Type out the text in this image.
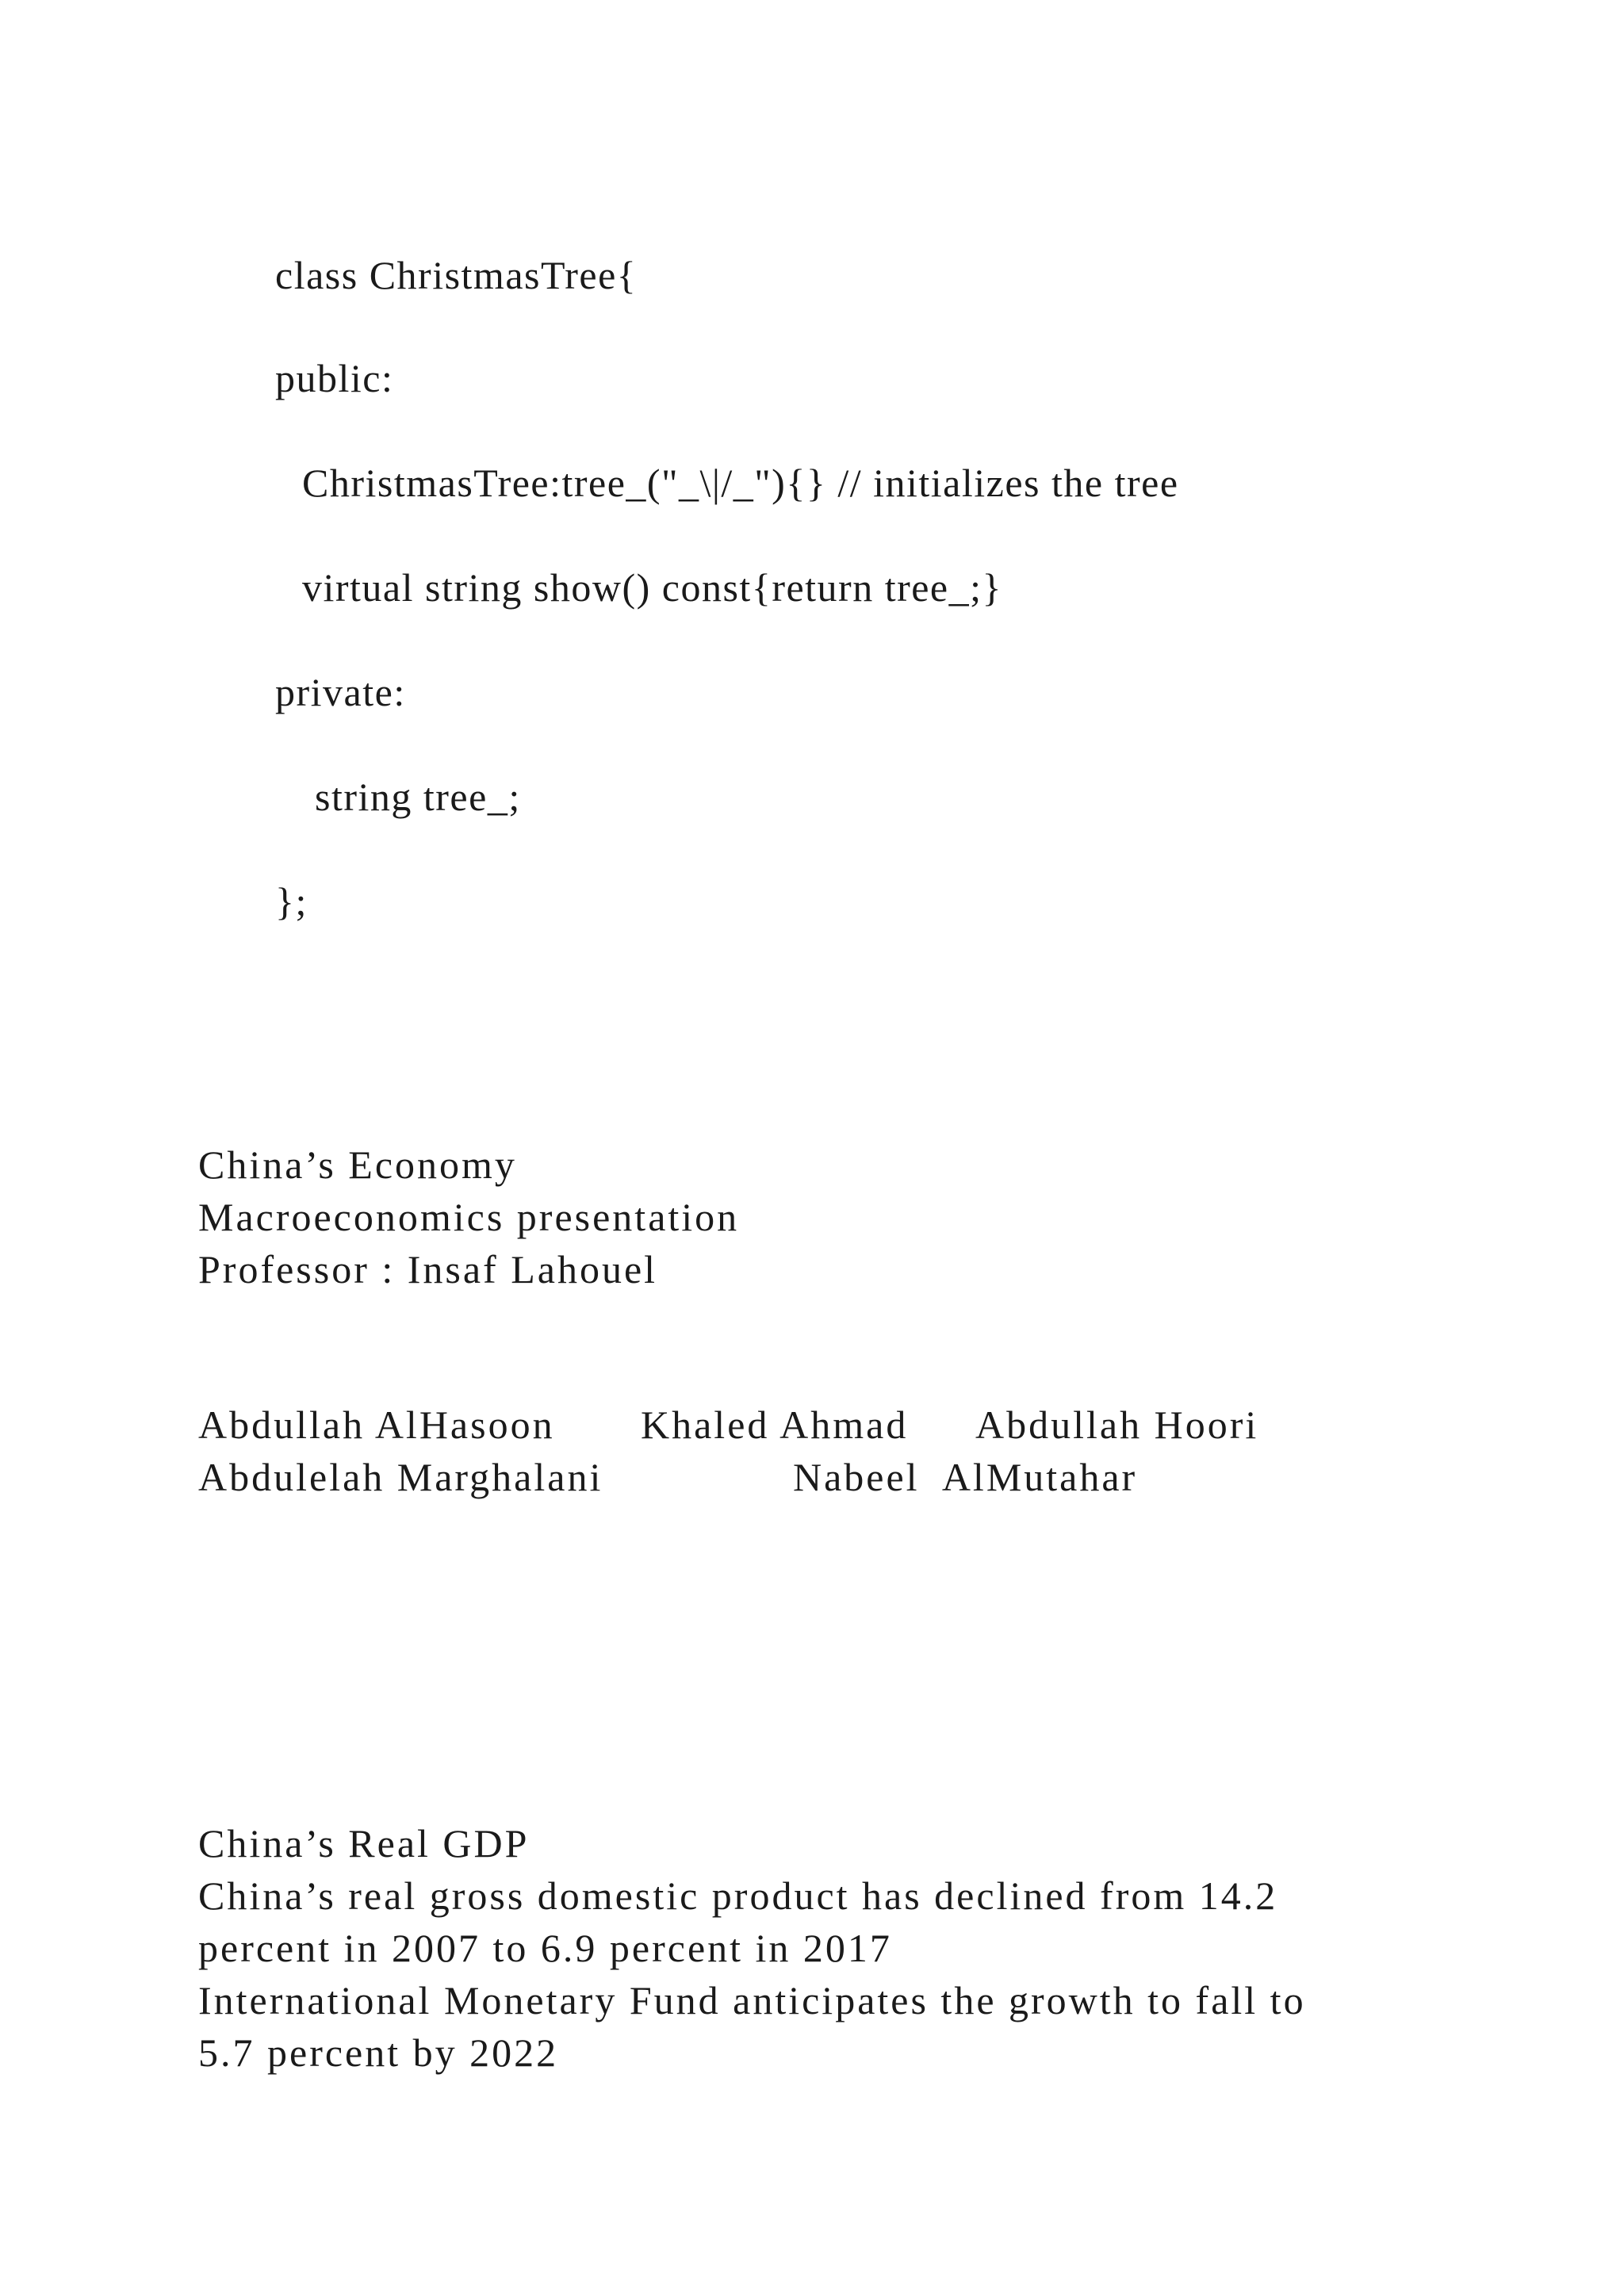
class ChristmasTree{
public:
ChristmasTree:tree_("_\|/_"){} // initializes the tree
virtual string show() const{return tree_;}
private:
string tree_;
};
China’s Economy
Macroeconomics presentation
Professor : Insaf Lahouel
Abdullah AlHasoon Khaled Ahmad Abdullah Hoori
Abdulelah Marghalani	Nabeel  AlMutahar
China’s Real GDP
China’s real gross domestic product has declined from 14.2
percent in 2007 to 6.9 percent in 2017
International Monetary Fund anticipates the growth to fall to
5.7 percent by 2022
